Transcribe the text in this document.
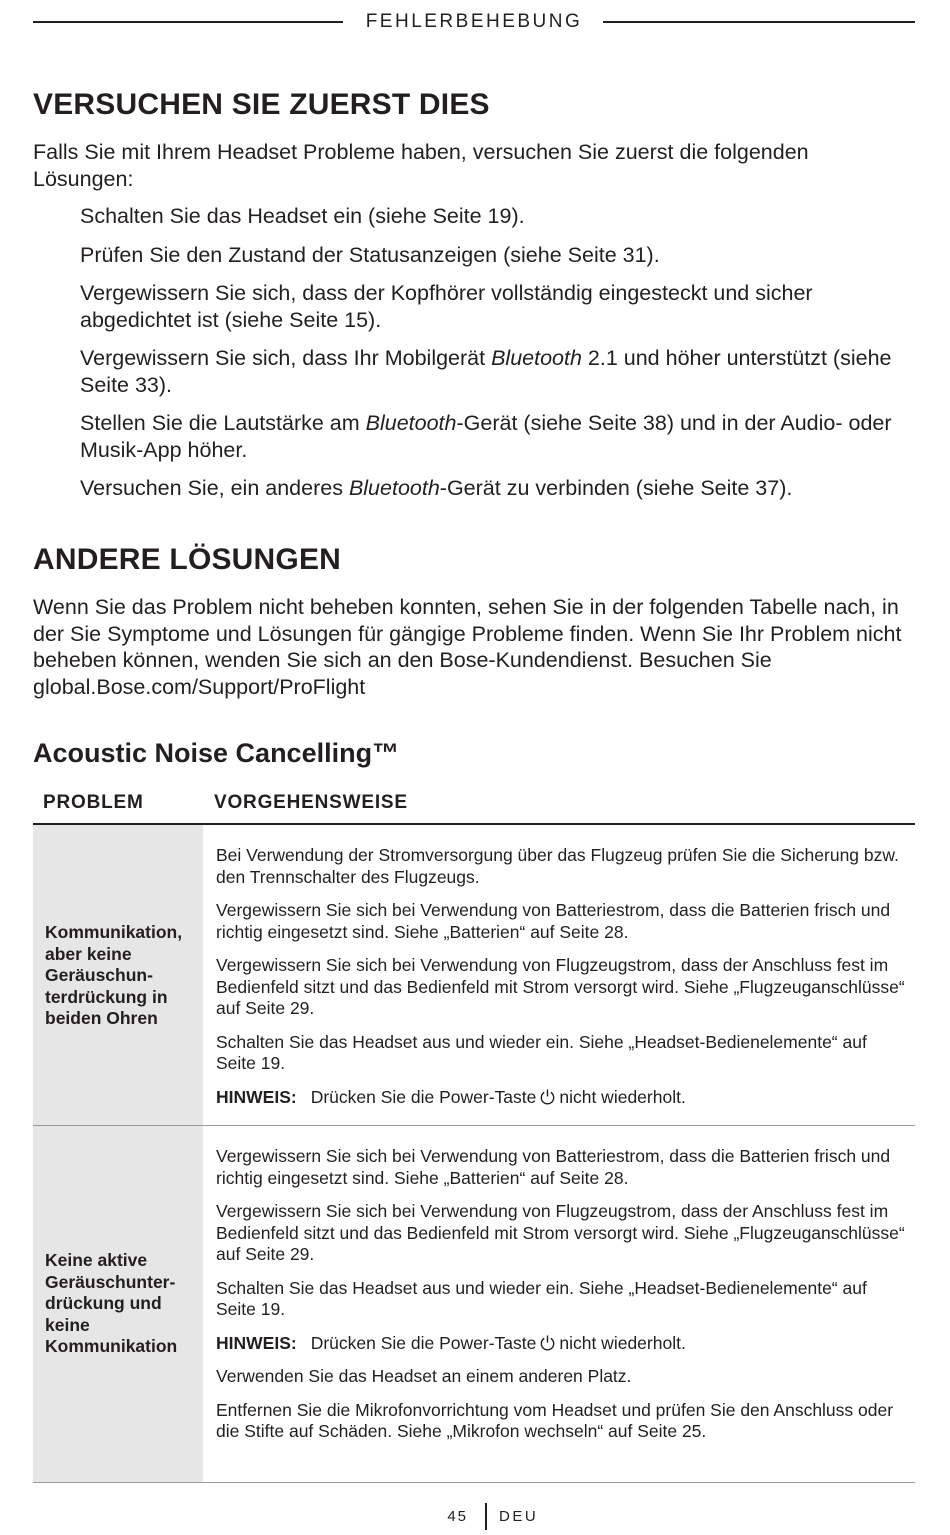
FEHLERBEHEBUNG
VERSUCHEN SIE ZUERST DIES

Falls Sie mit Ihrem Headset Probleme haben, versuchen Sie zuerst die folgenden Lösungen:

Schalten Sie das Headset ein (siehe Seite 19).
Prüfen Sie den Zustand der Statusanzeigen (siehe Seite 31).
Vergewissern Sie sich, dass der Kopfhörer vollständig eingesteckt und sicher abgedichtet ist (siehe Seite 15).
Vergewissern Sie sich, dass Ihr Mobilgerät Bluetooth 2.1 und höher unterstützt (siehe Seite 33).
Stellen Sie die Lautstärke am Bluetooth-Gerät (siehe Seite 38) und in der Audio- oder Musik-App höher.
Versuchen Sie, ein anderes Bluetooth-Gerät zu verbinden (siehe Seite 37).
ANDERE LÖSUNGEN

Wenn Sie das Problem nicht beheben konnten, sehen Sie in der folgenden Tabelle nach, in der Sie Symptome und Lösungen für gängige Probleme finden. Wenn Sie Ihr Problem nicht beheben können, wenden Sie sich an den Bose-Kundendienst. Besuchen Sie global.Bose.com/Support/ProFlight

Acoustic Noise Cancelling™
PROBLEM	VORGEHENSWEISE
Kommunikation, aber keine Geräuschun-terdrückung in beiden Ohren

Bei Verwendung der Stromversorgung über das Flugzeug prüfen Sie die Sicherung bzw. den Trennschalter des Flugzeugs.

Vergewissern Sie sich bei Verwendung von Batteriestrom, dass die Batterien frisch und richtig eingesetzt sind. Siehe „Batterien“ auf Seite 28.

Vergewissern Sie sich bei Verwendung von Flugzeugstrom, dass der Anschluss fest im Bedienfeld sitzt und das Bedienfeld mit Strom versorgt wird. Siehe „Flugzeuganschlüsse“ auf Seite 29.

Schalten Sie das Headset aus und wieder ein. Siehe „Headset-Bedienelemente“ auf Seite 19.

HINWEIS: Drücken Sie die Power-Taste nicht wiederholt.

Keine aktive Geräuschunter-drückung und keine Kommunikation

Vergewissern Sie sich bei Verwendung von Batteriestrom, dass die Batterien frisch und richtig eingesetzt sind. Siehe „Batterien“ auf Seite 28.

Vergewissern Sie sich bei Verwendung von Flugzeugstrom, dass der Anschluss fest im Bedienfeld sitzt und das Bedienfeld mit Strom versorgt wird. Siehe „Flugzeuganschlüsse“ auf Seite 29.

Schalten Sie das Headset aus und wieder ein. Siehe „Headset-Bedienelemente“ auf Seite 19.

HINWEIS: Drücken Sie die Power-Taste nicht wiederholt.

Verwenden Sie das Headset an einem anderen Platz.

Entfernen Sie die Mikrofonvorrichtung vom Headset und prüfen Sie den Anschluss oder die Stifte auf Schäden. Siehe „Mikrofon wechseln“ auf Seite 25.

45 DEU
